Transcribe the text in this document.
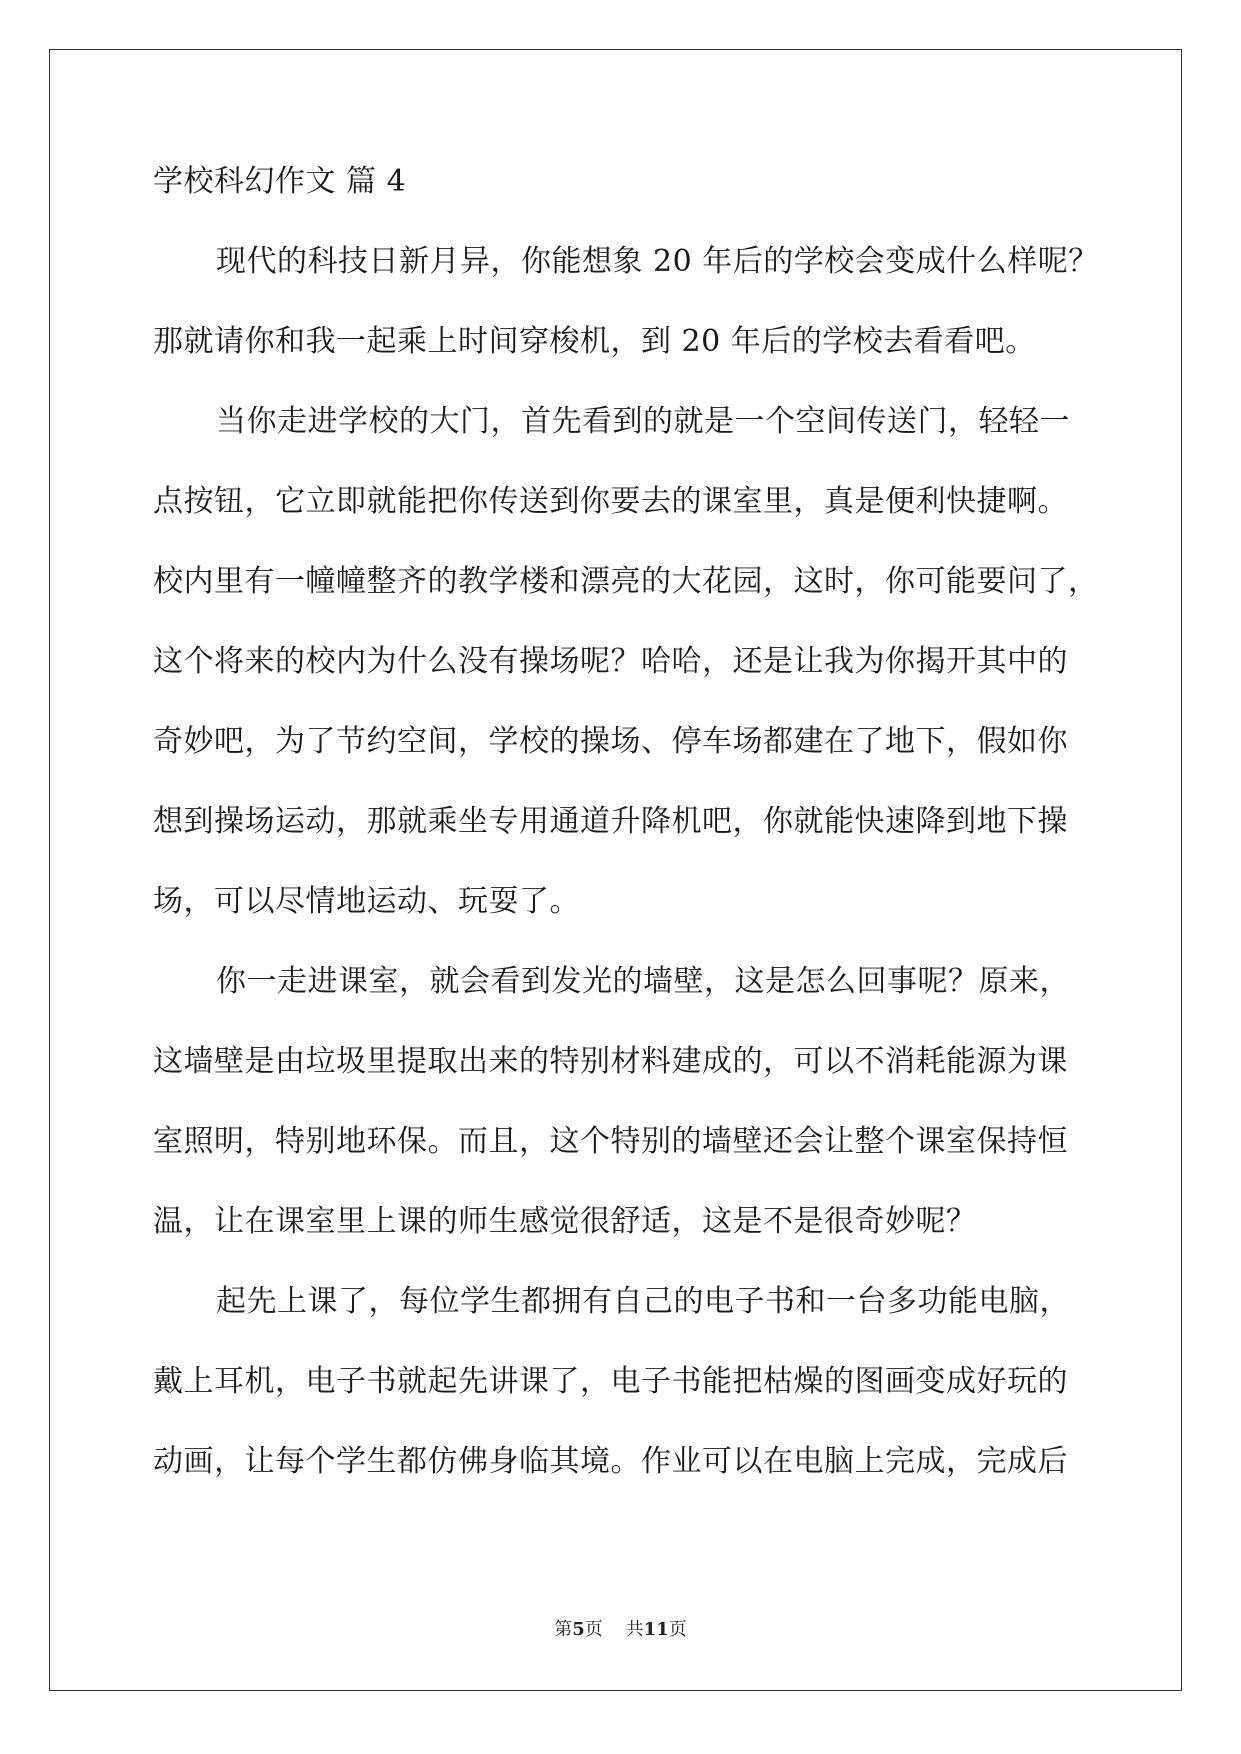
学校科幻作文 篇 4
现代的科技日新月异，你能想象 20 年后的学校会变成什么样呢？
那就请你和我一起乘上时间穿梭机，到 20 年后的学校去看看吧。
当你走进学校的大门，首先看到的就是一个空间传送门，轻轻一
点按钮，它立即就能把你传送到你要去的课室里，真是便利快捷啊。
校内里有一幢幢整齐的教学楼和漂亮的大花园，这时，你可能要问了，
这个将来的校内为什么没有操场呢？哈哈，还是让我为你揭开其中的
奇妙吧，为了节约空间，学校的操场、停车场都建在了地下，假如你
想到操场运动，那就乘坐专用通道升降机吧，你就能快速降到地下操
场，可以尽情地运动、玩耍了。
你一走进课室，就会看到发光的墙壁，这是怎么回事呢？原来，
这墙壁是由垃圾里提取出来的特别材料建成的，可以不消耗能源为课
室照明，特别地环保。而且，这个特别的墙壁还会让整个课室保持恒
温，让在课室里上课的师生感觉很舒适，这是不是很奇妙呢？
起先上课了，每位学生都拥有自己的电子书和一台多功能电脑，
戴上耳机，电子书就起先讲课了，电子书能把枯燥的图画变成好玩的
动画，让每个学生都仿佛身临其境。作业可以在电脑上完成，完成后
第5页 共11页
